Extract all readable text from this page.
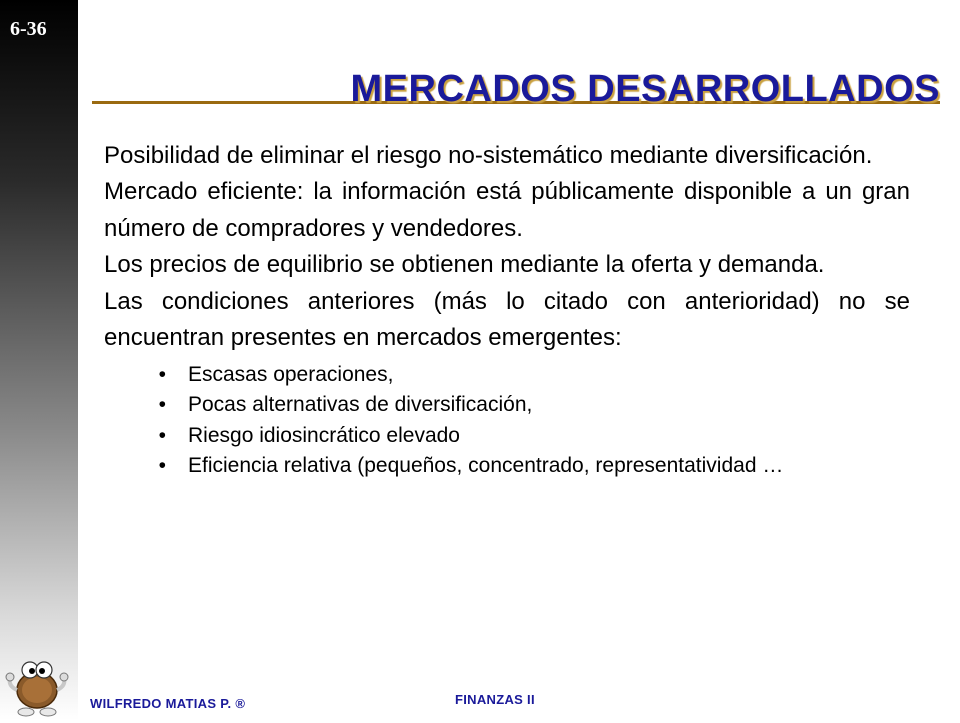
6-36
MERCADOS DESARROLLADOS

Posibilidad de eliminar el riesgo no-sistemático mediante diversificación.

Mercado eficiente: la información está públicamente disponible a un gran número de compradores y vendedores.

Los precios de equilibrio se obtienen mediante la oferta y demanda.

Las condiciones anteriores (más lo citado con anterioridad) no se encuentran presentes en mercados emergentes:

•	Escasas operaciones,
•	Pocas alternativas de diversificación,
•	Riesgo idiosincrático elevado
•	Eficiencia relativa (pequeños, concentrado, representatividad …
WILFREDO MATIAS P. ®	FINANZAS II
